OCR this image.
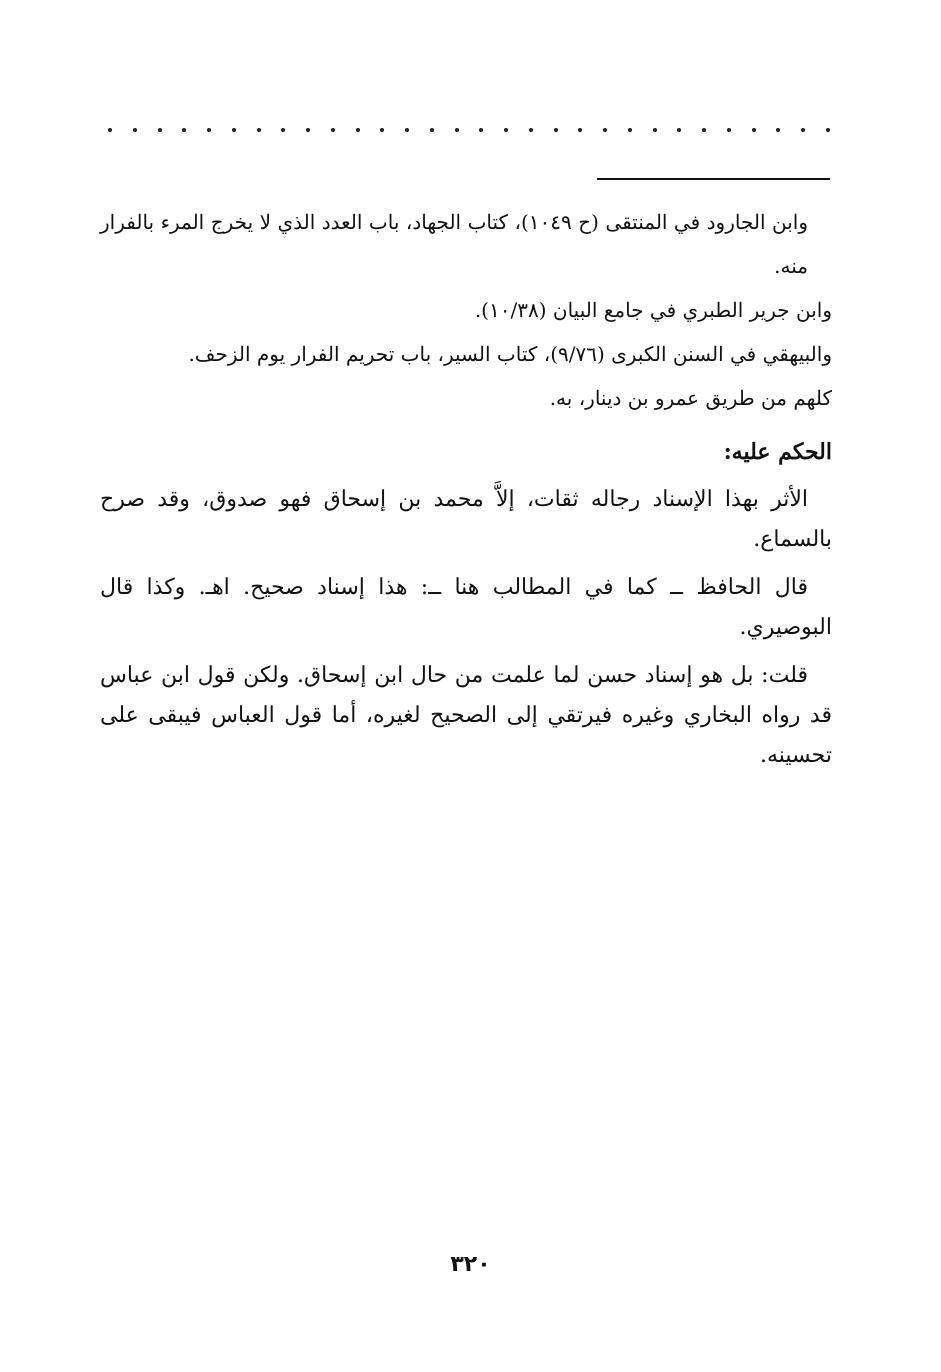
وابن الجارود في المنتقى (ح ١٠٤٩)، كتاب الجهاد، باب العدد الذي لا يخرج المرء بالفرار منه.

وابن جرير الطبري في جامع البيان (١٠/٣٨).

والبيهقي في السنن الكبرى (٩/٧٦)، كتاب السير، باب تحريم الفرار يوم الزحف.

كلهم من طريق عمرو بن دينار، به.

الحكم عليه:

الأثر بهذا الإسناد رجاله ثقات، إلاَّ محمد بن إسحاق فهو صدوق، وقد صرح بالسماع.

قال الحافظ ــ كما في المطالب هنا ــ: هذا إسناد صحيح. اهـ. وكذا قال البوصيري.

قلت: بل هو إسناد حسن لما علمت من حال ابن إسحاق. ولكن قول ابن عباس قد رواه البخاري وغيره فيرتقي إلى الصحيح لغيره، أما قول العباس فيبقى على تحسينه.

٣٢٠
